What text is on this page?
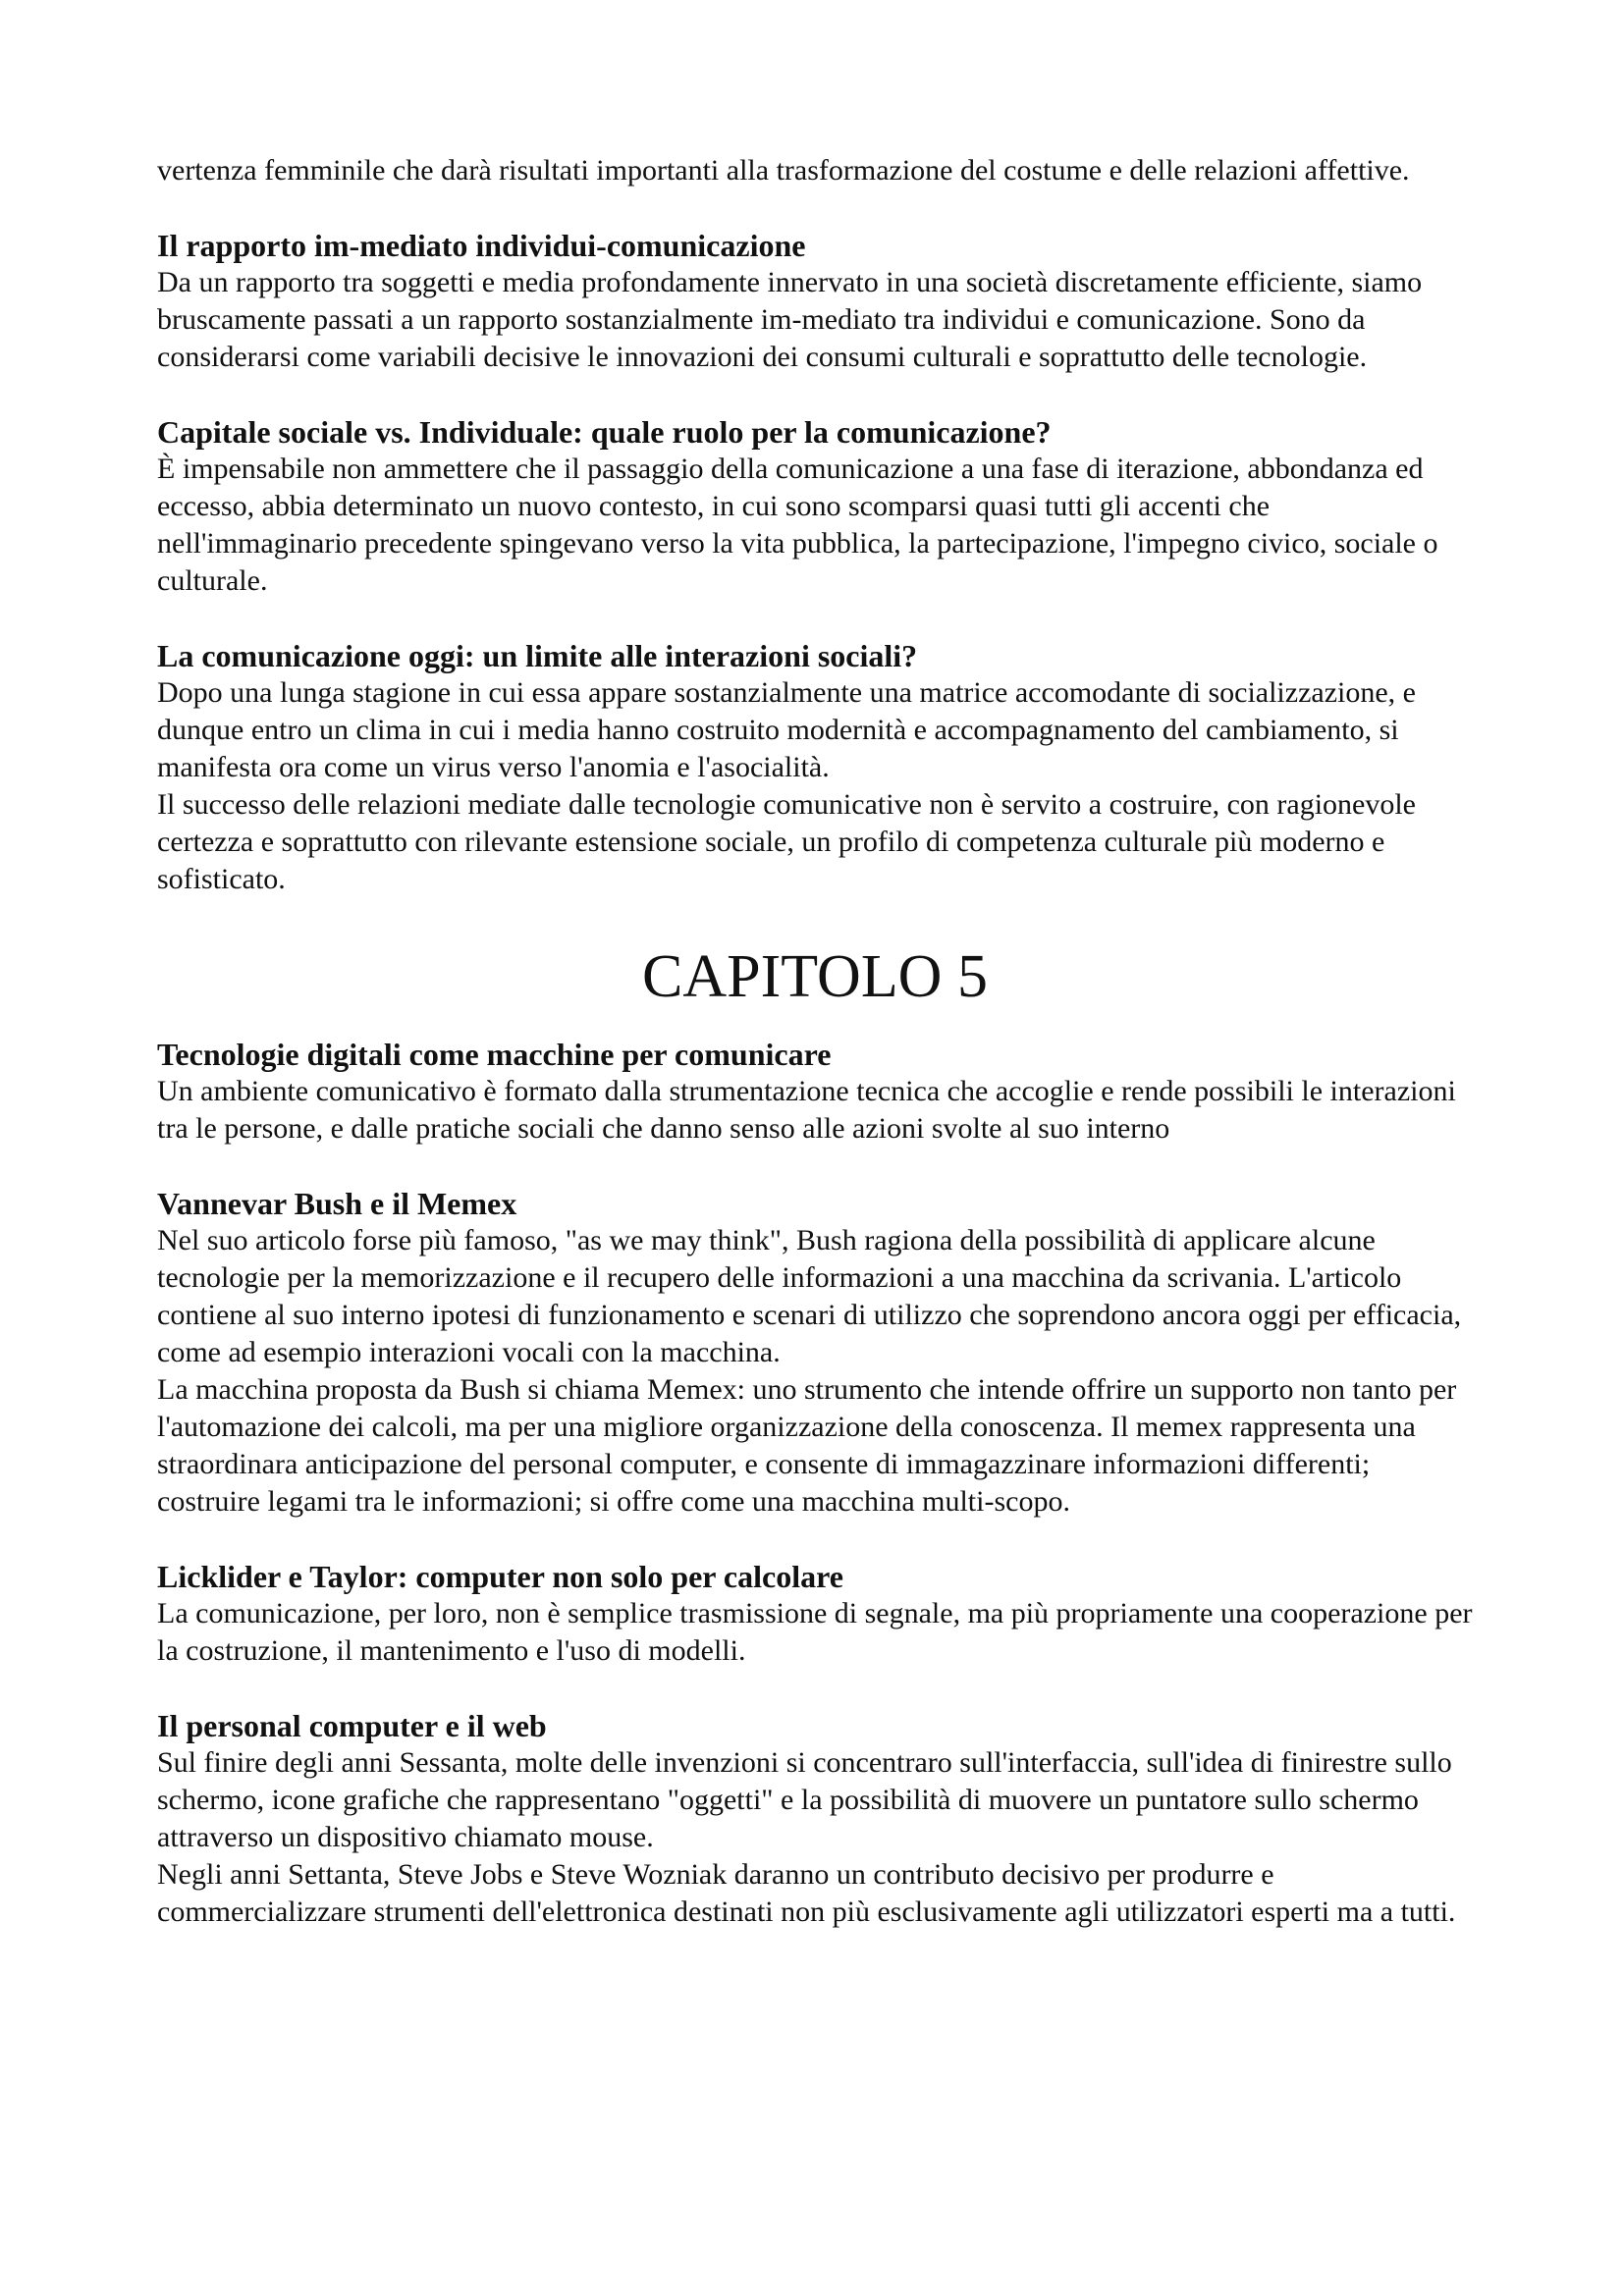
vertenza femminile che darà risultati importanti alla trasformazione del costume e delle relazioni affettive.

Il rapporto im-mediato individui-comunicazione

Da un rapporto tra soggetti e media profondamente innervato in una società discretamente efficiente, siamo bruscamente passati a un rapporto sostanzialmente im-mediato tra individui e comunicazione. Sono da considerarsi come variabili decisive le innovazioni dei consumi culturali e soprattutto delle tecnologie.

Capitale sociale vs. Individuale: quale ruolo per la comunicazione?

È impensabile non ammettere che il passaggio della comunicazione a una fase di iterazione, abbondanza ed eccesso, abbia determinato un nuovo contesto, in cui sono scomparsi quasi tutti gli accenti che nell'immaginario precedente spingevano verso la vita pubblica, la partecipazione, l'impegno civico, sociale o culturale.

La comunicazione oggi: un limite alle interazioni sociali?

Dopo una lunga stagione in cui essa appare sostanzialmente una matrice accomodante di socializzazione, e dunque entro un clima in cui i media hanno costruito modernità e accompagnamento del cambiamento, si manifesta ora come un virus verso l'anomia e l'asocialità.

Il successo delle relazioni mediate dalle tecnologie comunicative non è servito a costruire, con ragionevole certezza e soprattutto con rilevante estensione sociale, un profilo di competenza culturale più moderno e sofisticato.

CAPITOLO 5
Tecnologie digitali come macchine per comunicare

Un ambiente comunicativo è formato dalla strumentazione tecnica che accoglie e rende possibili le interazioni tra le persone, e dalle pratiche sociali che danno senso alle azioni svolte al suo interno

Vannevar Bush e il Memex

Nel suo articolo forse più famoso, "as we may think", Bush ragiona della possibilità di applicare alcune tecnologie per la memorizzazione e il recupero delle informazioni a una macchina da scrivania. L'articolo contiene al suo interno ipotesi di funzionamento e scenari di utilizzo che soprendono ancora oggi per efficacia, come ad esempio interazioni vocali con la macchina.

La macchina proposta da Bush si chiama Memex: uno strumento che intende offrire un supporto non tanto per l'automazione dei calcoli, ma per una migliore organizzazione della conoscenza. Il memex rappresenta una straordinara anticipazione del personal computer, e consente di immagazzinare informazioni differenti; costruire legami tra le informazioni; si offre come una macchina multi-scopo.

Licklider e Taylor: computer non solo per calcolare

La comunicazione, per loro, non è semplice trasmissione di segnale, ma più propriamente una cooperazione per la costruzione, il mantenimento e l'uso di modelli.

Il personal computer e il web

Sul finire degli anni Sessanta, molte delle invenzioni si concentraro sull'interfaccia, sull'idea di finirestre sullo schermo, icone grafiche che rappresentano "oggetti" e la possibilità di muovere un puntatore sullo schermo attraverso un dispositivo chiamato mouse.

Negli anni Settanta, Steve Jobs e Steve Wozniak daranno un contributo decisivo per produrre e commercializzare strumenti dell'elettronica destinati non più esclusivamente agli utilizzatori esperti ma a tutti.
